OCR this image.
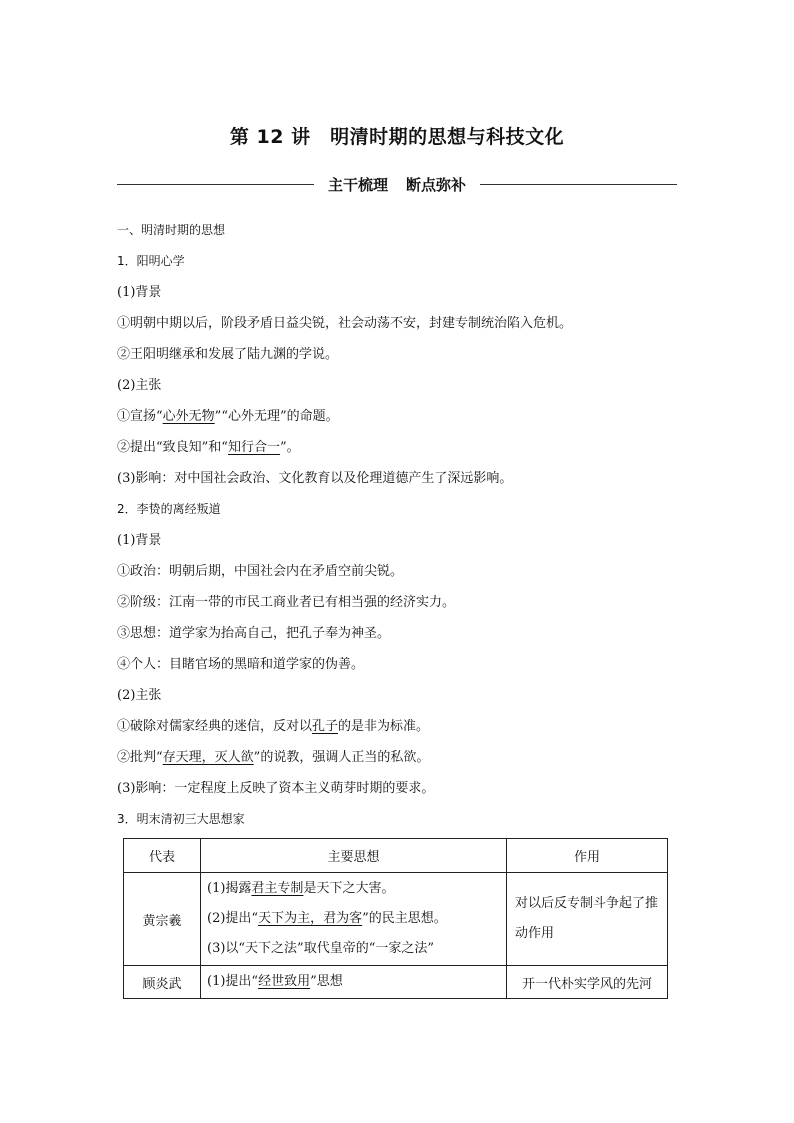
第 12 讲　明清时期的思想与科技文化
主干梳理 断点弥补
一、明清时期的思想
1．阳明心学
(1)背景
①明朝中期以后，阶段矛盾日益尖锐，社会动荡不安，封建专制统治陷入危机。
②王阳明继承和发展了陆九渊的学说。
(2)主张
①宣扬“心外无物”“心外无理”的命题。
②提出“致良知”和“知行合一”。
(3)影响：对中国社会政治、文化教育以及伦理道德产生了深远影响。
2．李贽的离经叛道
(1)背景
①政治：明朝后期，中国社会内在矛盾空前尖锐。
②阶级：江南一带的市民工商业者已有相当强的经济实力。
③思想：道学家为抬高自己，把孔子奉为神圣。
④个人：目睹官场的黑暗和道学家的伪善。
(2)主张
①破除对儒家经典的迷信，反对以孔子的是非为标准。
②批判“存天理，灭人欲”的说教，强调人正当的私欲。
(3)影响：一定程度上反映了资本主义萌芽时期的要求。
3．明末清初三大思想家
代表	主要思想	作用
黄宗羲	(1)揭露君主专制是天下之大害。
(2)提出“天下为主，君为客”的民主思想。
(3)以“天下之法”取代皇帝的“一家之法”	对以后反专制斗争起了推动作用

顾炎武	(1)提出“经世致用”思想	开一代朴实学风的先河
